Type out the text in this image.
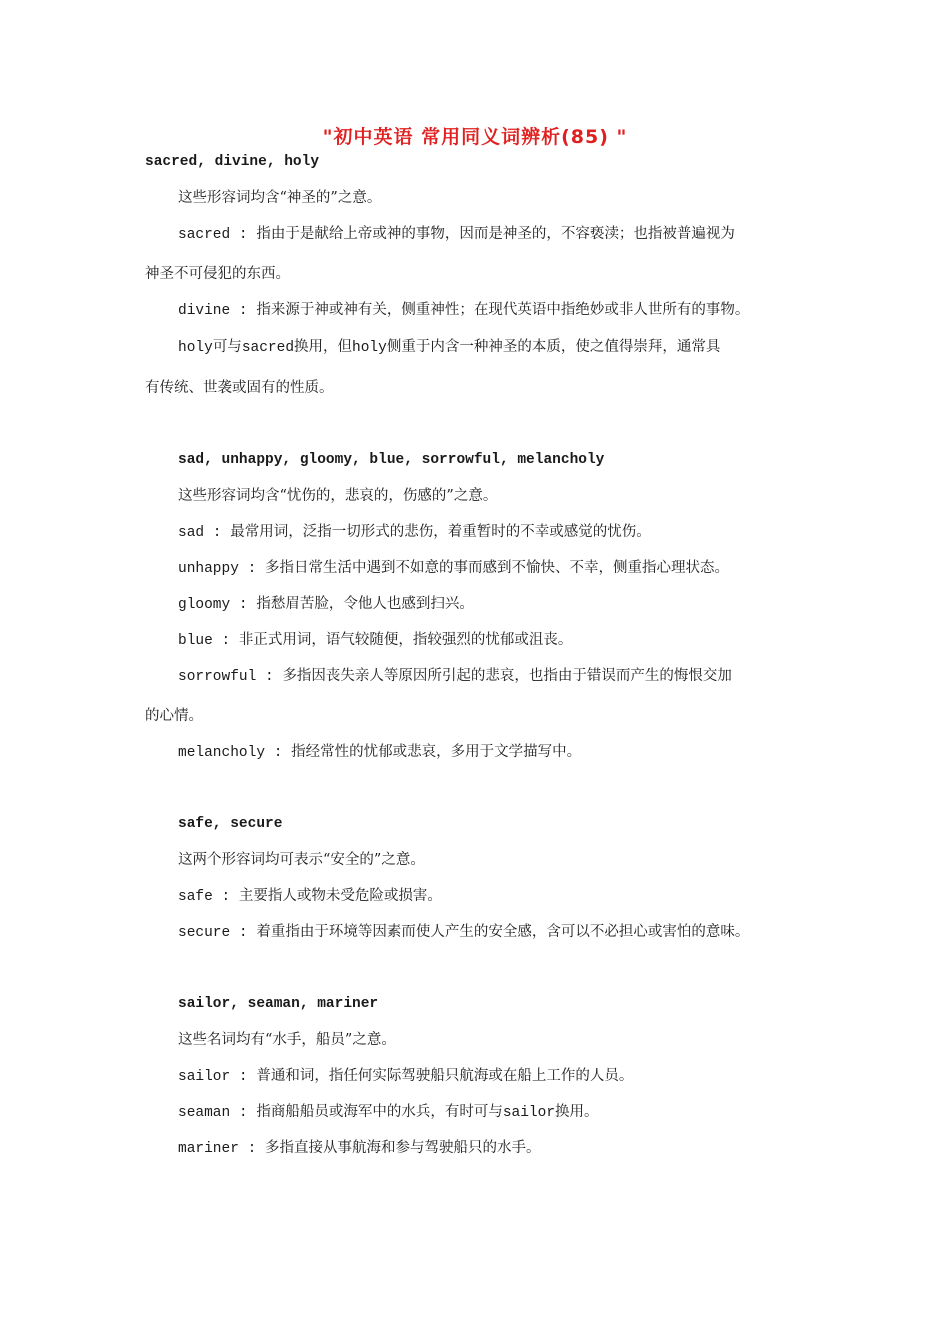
"初中英语 常用同义词辨析(85) "
sacred, divine, holy
这些形容词均含“神圣的”之意。
sacred : 指由于是献给上帝或神的事物，因而是神圣的，不容亵渎；也指被普遍视为
神圣不可侵犯的东西。
divine : 指来源于神或神有关，侧重神性；在现代英语中指绝妙或非人世所有的事物。
holy可与sacred换用，但holy侧重于内含一种神圣的本质，使之值得崇拜，通常具
有传统、世袭或固有的性质。
sad, unhappy, gloomy, blue, sorrowful, melancholy
这些形容词均含“忧伤的，悲哀的，伤感的”之意。
sad : 最常用词，泛指一切形式的悲伤，着重暂时的不幸或感觉的忧伤。
unhappy : 多指日常生活中遇到不如意的事而感到不愉快、不幸，侧重指心理状态。
gloomy : 指愁眉苦脸，令他人也感到扫兴。
blue : 非正式用词，语气较随便，指较强烈的忧郁或沮丧。
sorrowful : 多指因丧失亲人等原因所引起的悲哀，也指由于错误而产生的悔恨交加
的心情。
melancholy : 指经常性的忧郁或悲哀，多用于文学描写中。
safe, secure
这两个形容词均可表示“安全的”之意。
safe : 主要指人或物未受危险或损害。
secure : 着重指由于环境等因素而使人产生的安全感，含可以不必担心或害怕的意味。
sailor, seaman, mariner
这些名词均有“水手，船员”之意。
sailor : 普通和词，指任何实际驾驶船只航海或在船上工作的人员。
seaman : 指商船船员或海军中的水兵，有时可与sailor换用。
mariner : 多指直接从事航海和参与驾驶船只的水手。
